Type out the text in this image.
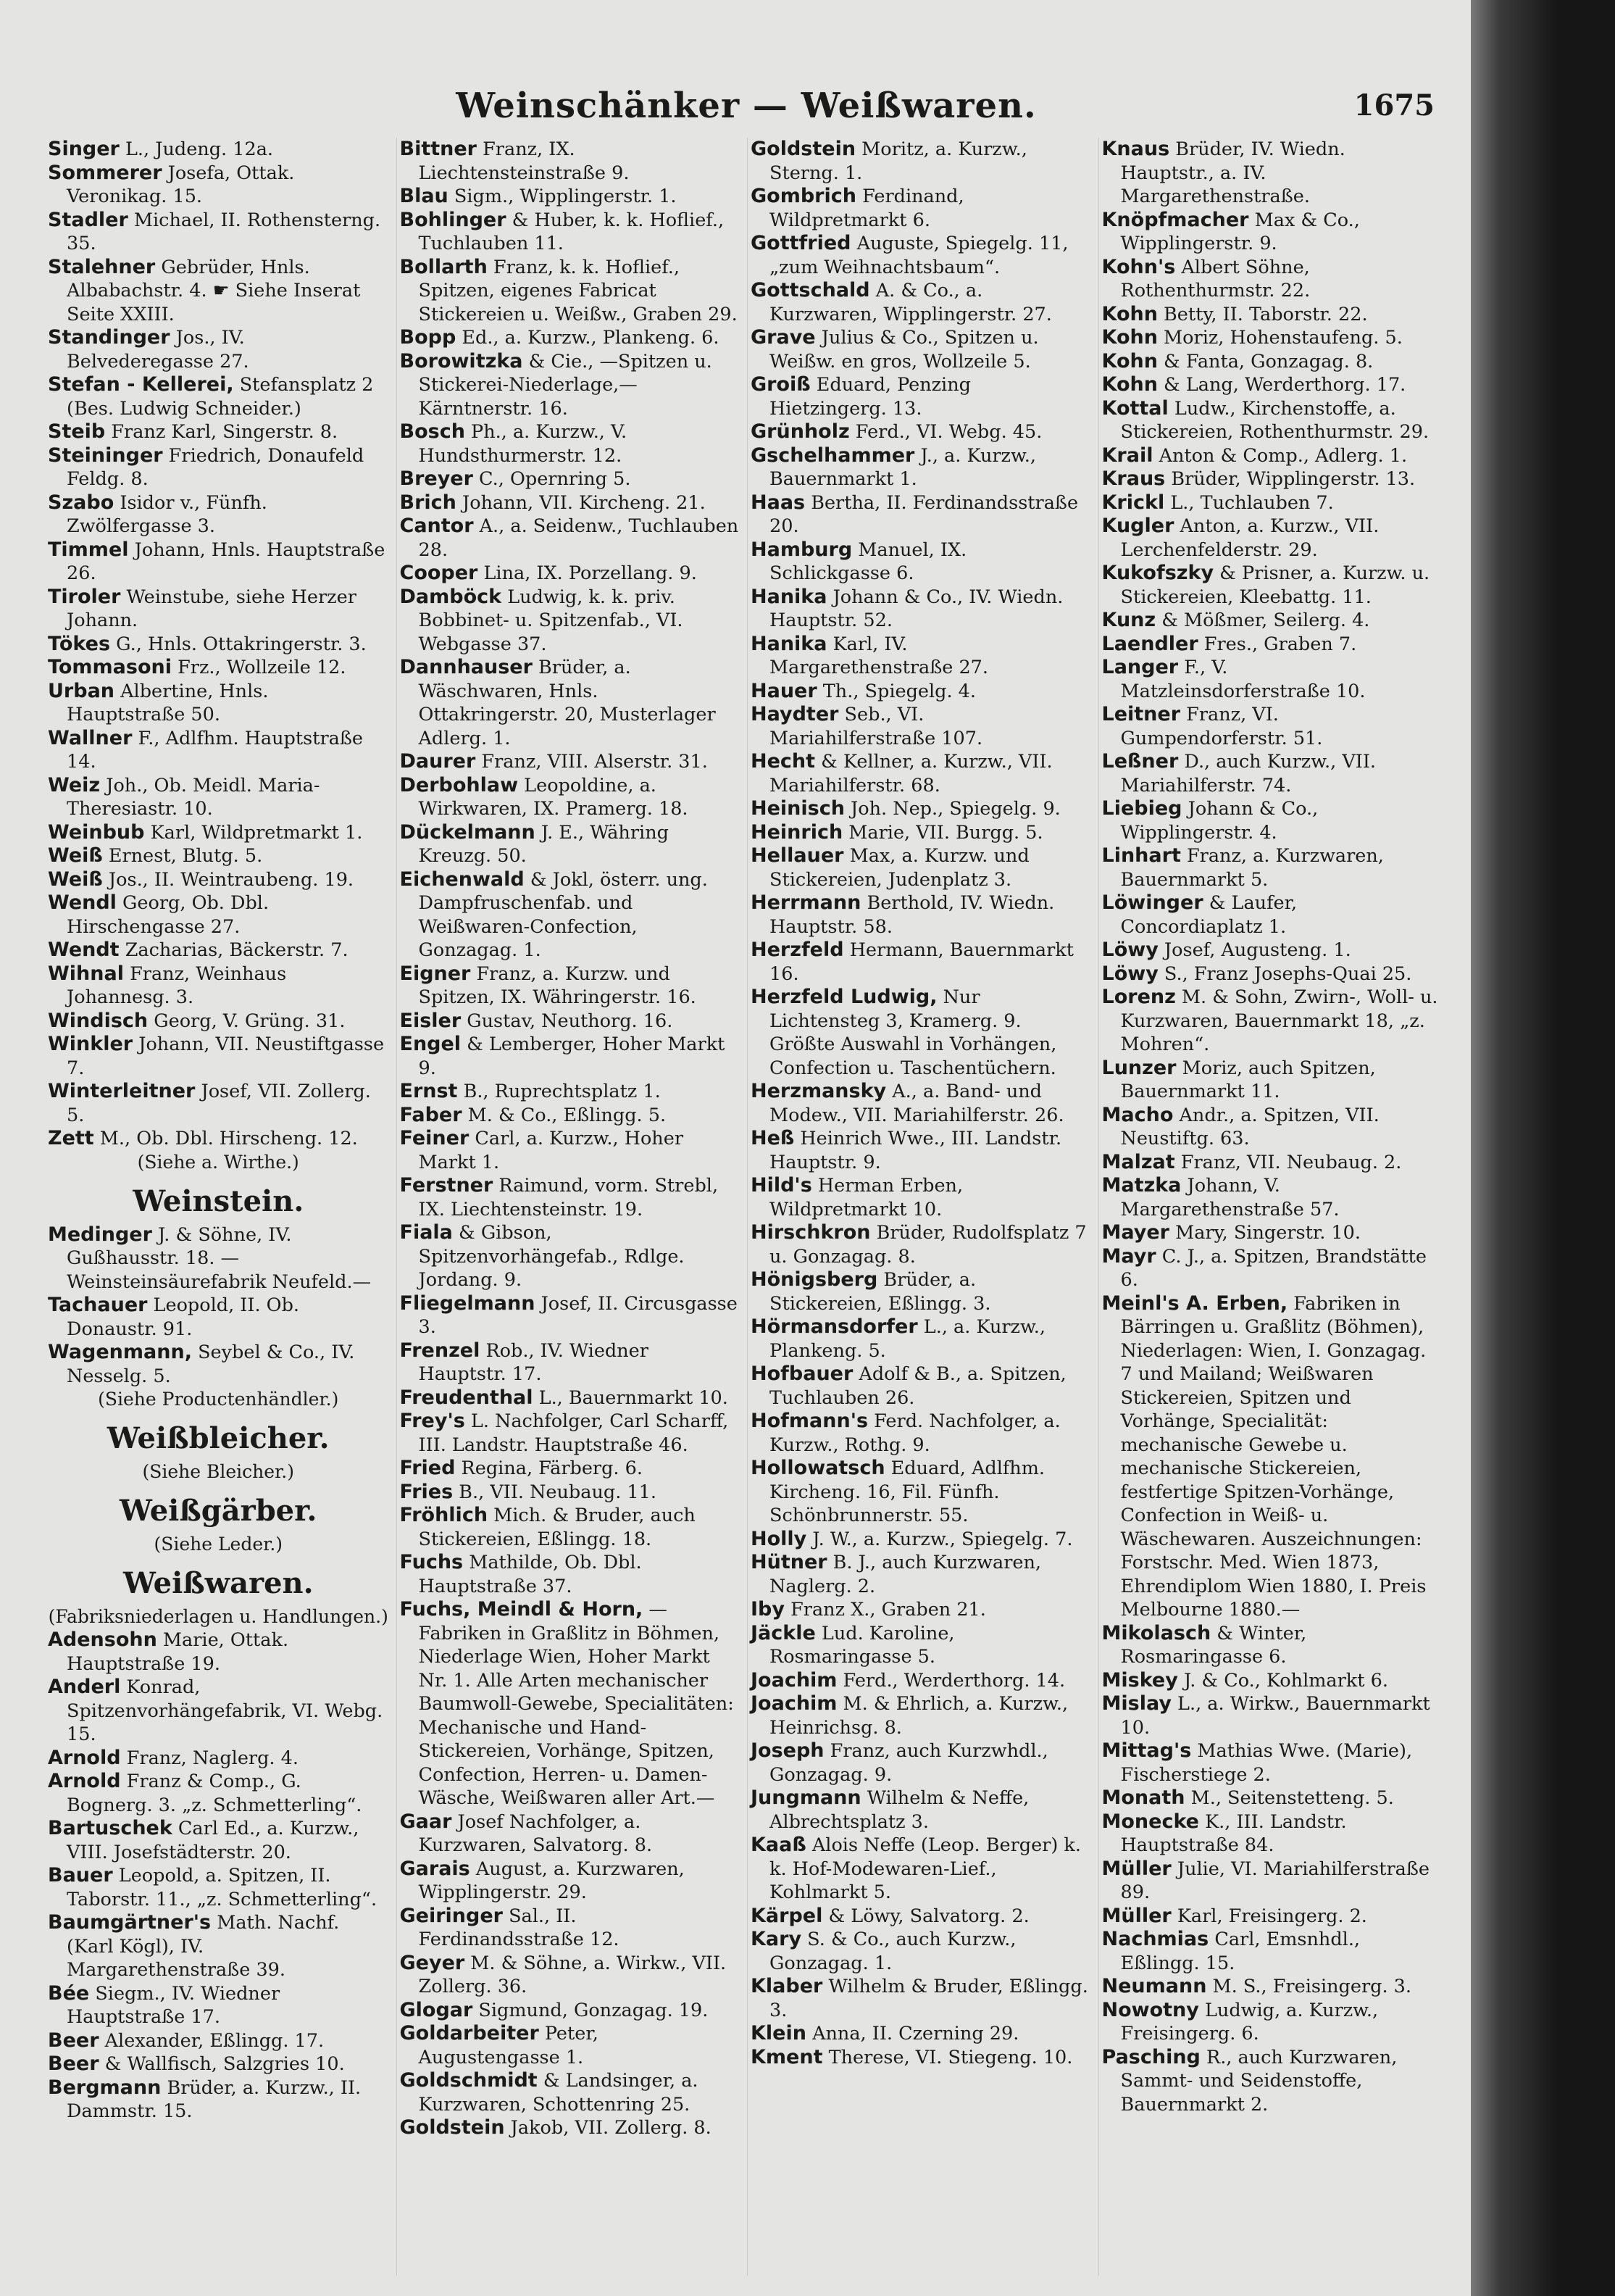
Weinschänker — Weißwaren.	1675

Singer L., Judeng. 12a.

Sommerer Josefa, Ottak. Veronikag. 15.

Stadler Michael, II. Rothensterng. 35.

Stalehner Gebrüder, Hnls. Albabachstr. 4. ☛ Siehe Inserat Seite XXIII.

Standinger Jos., IV. Belvederegasse 27.

Stefan - Kellerei, Stefansplatz 2 (Bes. Ludwig Schneider.)

Steib Franz Karl, Singerstr. 8.

Steininger Friedrich, Donaufeld Feldg. 8.

Szabo Isidor v., Fünfh. Zwölfergasse 3.

Timmel Johann, Hnls. Hauptstraße 26.

Tiroler Weinstube, siehe Herzer Johann.

Tökes G., Hnls. Ottakringerstr. 3.

Tommasoni Frz., Wollzeile 12.

Urban Albertine, Hnls. Hauptstraße 50.

Wallner F., Adlfhm. Hauptstraße 14.

Weiz Joh., Ob. Meidl. Maria-Theresiastr. 10.

Weinbub Karl, Wildpretmarkt 1.

Weiß Ernest, Blutg. 5.

Weiß Jos., II. Weintraubeng. 19.

Wendl Georg, Ob. Dbl. Hirschengasse 27.

Wendt Zacharias, Bäckerstr. 7.

Wihnal Franz, Weinhaus Johannesg. 3.

Windisch Georg, V. Grüng. 31.

Winkler Johann, VII. Neustiftgasse 7.

Winterleitner Josef, VII. Zollerg. 5.

Zett M., Ob. Dbl. Hirscheng. 12.

(Siehe a. Wirthe.)
Weinstein.

Medinger J. & Söhne, IV. Gußhausstr. 18. —Weinsteinsäurefabrik Neufeld.—

Tachauer Leopold, II. Ob. Donaustr. 91.

Wagenmann, Seybel & Co., IV. Nesselg. 5.

(Siehe Productenhändler.)
Weißbleicher.
(Siehe Bleicher.)
Weißgärber.
(Siehe Leder.)
Weißwaren.
(Fabriksniederlagen u. Handlungen.)

Adensohn Marie, Ottak. Hauptstraße 19.

Anderl Konrad, Spitzenvorhängefabrik, VI. Webg. 15.

Arnold Franz, Naglerg. 4.

Arnold Franz & Comp., G. Bognerg. 3. „z. Schmetterling“.

Bartuschek Carl Ed., a. Kurzw., VIII. Josefstädterstr. 20.

Bauer Leopold, a. Spitzen, II. Taborstr. 11., „z. Schmetterling“.

Baumgärtner's Math. Nachf. (Karl Kögl), IV. Margarethenstraße 39.

Bée Siegm., IV. Wiedner Hauptstraße 17.

Beer Alexander, Eßlingg. 17.

Beer & Wallfisch, Salzgries 10.

Bergmann Brüder, a. Kurzw., II. Dammstr. 15.

Bittner Franz, IX. Liechtensteinstraße 9.

Blau Sigm., Wipplingerstr. 1.

Bohlinger & Huber, k. k. Hoflief., Tuchlauben 11.

Bollarth Franz, k. k. Hoflief., Spitzen, eigenes Fabricat Stickereien u. Weißw., Graben 29.

Bopp Ed., a. Kurzw., Plankeng. 6.

Borowitzka & Cie., —Spitzen u. Stickerei-Niederlage,—Kärntnerstr. 16.

Bosch Ph., a. Kurzw., V. Hundsthurmerstr. 12.

Breyer C., Opernring 5.

Brich Johann, VII. Kircheng. 21.

Cantor A., a. Seidenw., Tuchlauben 28.

Cooper Lina, IX. Porzellang. 9.

Damböck Ludwig, k. k. priv. Bobbinet- u. Spitzenfab., VI. Webgasse 37.

Dannhauser Brüder, a. Wäschwaren, Hnls. Ottakringerstr. 20, Musterlager Adlerg. 1.

Daurer Franz, VIII. Alserstr. 31.

Derbohlaw Leopoldine, a. Wirkwaren, IX. Pramerg. 18.

Dückelmann J. E., Währing Kreuzg. 50.

Eichenwald & Jokl, österr. ung. Dampfruschenfab. und Weißwaren-Confection, Gonzagag. 1.

Eigner Franz, a. Kurzw. und Spitzen, IX. Währingerstr. 16.

Eisler Gustav, Neuthorg. 16.

Engel & Lemberger, Hoher Markt 9.

Ernst B., Ruprechtsplatz 1.

Faber M. & Co., Eßlingg. 5.

Feiner Carl, a. Kurzw., Hoher Markt 1.

Ferstner Raimund, vorm. Strebl, IX. Liechtensteinstr. 19.

Fiala & Gibson, Spitzenvorhängefab., Rdlge. Jordang. 9.

Fliegelmann Josef, II. Circusgasse 3.

Frenzel Rob., IV. Wiedner Hauptstr. 17.

Freudenthal L., Bauernmarkt 10.

Frey's L. Nachfolger, Carl Scharff, III. Landstr. Hauptstraße 46.

Fried Regina, Färberg. 6.

Fries B., VII. Neubaug. 11.

Fröhlich Mich. & Bruder, auch Stickereien, Eßlingg. 18.

Fuchs Mathilde, Ob. Dbl. Hauptstraße 37.

Fuchs, Meindl & Horn, —Fabriken in Graßlitz in Böhmen, Niederlage Wien, Hoher Markt Nr. 1. Alle Arten mechanischer Baumwoll-Gewebe, Specialitäten: Mechanische und Hand-Stickereien, Vorhänge, Spitzen, Confection, Herren- u. Damen-Wäsche, Weißwaren aller Art.—

Gaar Josef Nachfolger, a. Kurzwaren, Salvatorg. 8.

Garais August, a. Kurzwaren, Wipplingerstr. 29.

Geiringer Sal., II. Ferdinandsstraße 12.

Geyer M. & Söhne, a. Wirkw., VII. Zollerg. 36.

Glogar Sigmund, Gonzagag. 19.

Goldarbeiter Peter, Augustengasse 1.

Goldschmidt & Landsinger, a. Kurzwaren, Schottenring 25.

Goldstein Jakob, VII. Zollerg. 8.

Goldstein Moritz, a. Kurzw., Sterng. 1.

Gombrich Ferdinand, Wildpretmarkt 6.

Gottfried Auguste, Spiegelg. 11, „zum Weihnachtsbaum“.

Gottschald A. & Co., a. Kurzwaren, Wipplingerstr. 27.

Grave Julius & Co., Spitzen u. Weißw. en gros, Wollzeile 5.

Groiß Eduard, Penzing Hietzingerg. 13.

Grünholz Ferd., VI. Webg. 45.

Gschelhammer J., a. Kurzw., Bauernmarkt 1.

Haas Bertha, II. Ferdinandsstraße 20.

Hamburg Manuel, IX. Schlickgasse 6.

Hanika Johann & Co., IV. Wiedn. Hauptstr. 52.

Hanika Karl, IV. Margarethenstraße 27.

Hauer Th., Spiegelg. 4.

Haydter Seb., VI. Mariahilferstraße 107.

Hecht & Kellner, a. Kurzw., VII. Mariahilferstr. 68.

Heinisch Joh. Nep., Spiegelg. 9.

Heinrich Marie, VII. Burgg. 5.

Hellauer Max, a. Kurzw. und Stickereien, Judenplatz 3.

Herrmann Berthold, IV. Wiedn. Hauptstr. 58.

Herzfeld Hermann, Bauernmarkt 16.

Herzfeld Ludwig, Nur Lichtensteg 3, Kramerg. 9. Größte Auswahl in Vorhängen, Confection u. Taschentüchern.

Herzmansky A., a. Band- und Modew., VII. Mariahilferstr. 26.

Heß Heinrich Wwe., III. Landstr. Hauptstr. 9.

Hild's Herman Erben, Wildpretmarkt 10.

Hirschkron Brüder, Rudolfsplatz 7 u. Gonzagag. 8.

Hönigsberg Brüder, a. Stickereien, Eßlingg. 3.

Hörmansdorfer L., a. Kurzw., Plankeng. 5.

Hofbauer Adolf & B., a. Spitzen, Tuchlauben 26.

Hofmann's Ferd. Nachfolger, a. Kurzw., Rothg. 9.

Hollowatsch Eduard, Adlfhm. Kircheng. 16, Fil. Fünfh. Schönbrunnerstr. 55.

Holly J. W., a. Kurzw., Spiegelg. 7.

Hütner B. J., auch Kurzwaren, Naglerg. 2.

Iby Franz X., Graben 21.

Jäckle Lud. Karoline, Rosmaringasse 5.

Joachim Ferd., Werderthorg. 14.

Joachim M. & Ehrlich, a. Kurzw., Heinrichsg. 8.

Joseph Franz, auch Kurzwhdl., Gonzagag. 9.

Jungmann Wilhelm & Neffe, Albrechtsplatz 3.

Kaaß Alois Neffe (Leop. Berger) k. k. Hof-Modewaren-Lief., Kohlmarkt 5.

Kärpel & Löwy, Salvatorg. 2.

Kary S. & Co., auch Kurzw., Gonzagag. 1.

Klaber Wilhelm & Bruder, Eßlingg. 3.

Klein Anna, II. Czerning 29.

Kment Therese, VI. Stiegeng. 10.

Knaus Brüder, IV. Wiedn. Hauptstr., a. IV. Margarethenstraße.

Knöpfmacher Max & Co., Wipplingerstr. 9.

Kohn's Albert Söhne, Rothenthurmstr. 22.

Kohn Betty, II. Taborstr. 22.

Kohn Moriz, Hohenstaufeng. 5.

Kohn & Fanta, Gonzagag. 8.

Kohn & Lang, Werderthorg. 17.

Kottal Ludw., Kirchenstoffe, a. Stickereien, Rothenthurmstr. 29.

Krail Anton & Comp., Adlerg. 1.

Kraus Brüder, Wipplingerstr. 13.

Krickl L., Tuchlauben 7.

Kugler Anton, a. Kurzw., VII. Lerchenfelderstr. 29.

Kukofszky & Prisner, a. Kurzw. u. Stickereien, Kleebattg. 11.

Kunz & Mößmer, Seilerg. 4.

Laendler Fres., Graben 7.

Langer F., V. Matzleinsdorferstraße 10.

Leitner Franz, VI. Gumpendorferstr. 51.

Leßner D., auch Kurzw., VII. Mariahilferstr. 74.

Liebieg Johann & Co., Wipplingerstr. 4.

Linhart Franz, a. Kurzwaren, Bauernmarkt 5.

Löwinger & Laufer, Concordiaplatz 1.

Löwy Josef, Augusteng. 1.

Löwy S., Franz Josephs-Quai 25.

Lorenz M. & Sohn, Zwirn-, Woll- u. Kurzwaren, Bauernmarkt 18, „z. Mohren“.

Lunzer Moriz, auch Spitzen, Bauernmarkt 11.

Macho Andr., a. Spitzen, VII. Neustiftg. 63.

Malzat Franz, VII. Neubaug. 2.

Matzka Johann, V. Margarethenstraße 57.

Mayer Mary, Singerstr. 10.

Mayr C. J., a. Spitzen, Brandstätte 6.

Meinl's A. Erben, Fabriken in Bärringen u. Graßlitz (Böhmen), Niederlagen: Wien, I. Gonzagag. 7 und Mailand; Weißwaren Stickereien, Spitzen und Vorhänge, Specialität: mechanische Gewebe u. mechanische Stickereien, festfertige Spitzen-Vorhänge, Confection in Weiß- u. Wäschewaren. Auszeichnungen: Forstschr. Med. Wien 1873, Ehrendiplom Wien 1880, I. Preis Melbourne 1880.—

Mikolasch & Winter, Rosmaringasse 6.

Miskey J. & Co., Kohlmarkt 6.

Mislay L., a. Wirkw., Bauernmarkt 10.

Mittag's Mathias Wwe. (Marie), Fischerstiege 2.

Monath M., Seitenstetteng. 5.

Monecke K., III. Landstr. Hauptstraße 84.

Müller Julie, VI. Mariahilferstraße 89.

Müller Karl, Freisingerg. 2.

Nachmias Carl, Emsnhdl., Eßlingg. 15.

Neumann M. S., Freisingerg. 3.

Nowotny Ludwig, a. Kurzw., Freisingerg. 6.

Pasching R., auch Kurzwaren, Sammt- und Seidenstoffe, Bauernmarkt 2.
